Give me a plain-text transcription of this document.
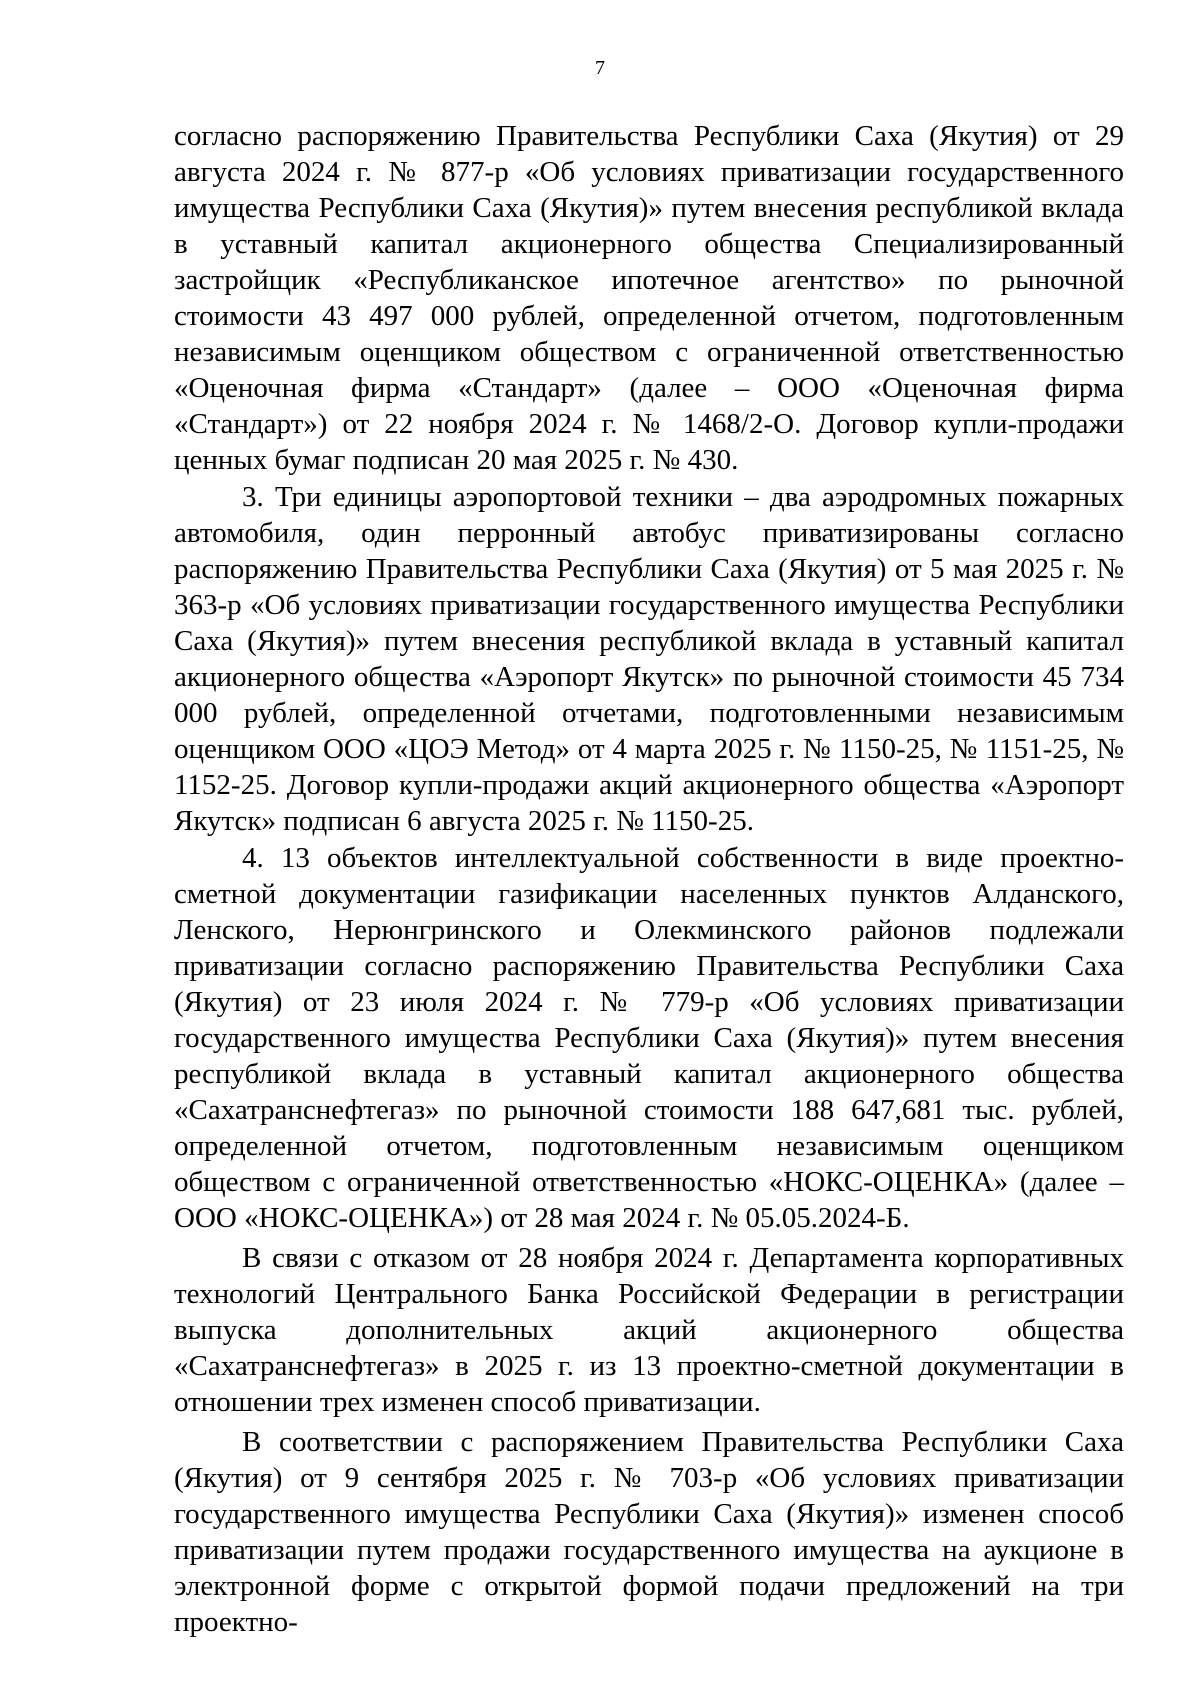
7

согласно распоряжению Правительства Республики Саха (Якутия) от 29 августа 2024 г. № 877-р «Об условиях приватизации государственного имущества Республики Саха (Якутия)» путем внесения республикой вклада в уставный капитал акционерного общества Специализированный застройщик «Республиканское ипотечное агентство» по рыночной стоимости 43 497 000 рублей, определенной отчетом, подготовленным независимым оценщиком обществом с ограниченной ответственностью «Оценочная фирма «Стандарт» (далее – ООО «Оценочная фирма «Стандарт») от 22 ноября 2024 г. № 1468/2-О. Договор купли-продажи ценных бумаг подписан 20 мая 2025 г. № 430.

3. Три единицы аэропортовой техники – два аэродромных пожарных автомобиля, один перронный автобус приватизированы согласно распоряжению Правительства Республики Саха (Якутия) от 5 мая 2025 г. № 363-р «Об условиях приватизации государственного имущества Республики Саха (Якутия)» путем внесения республикой вклада в уставный капитал акционерного общества «Аэропорт Якутск» по рыночной стоимости 45 734 000 рублей, определенной отчетами, подготовленными независимым оценщиком ООО «ЦОЭ Метод» от 4 марта 2025 г. № 1150-25, № 1151-25, № 1152-25. Договор купли-продажи акций акционерного общества «Аэропорт Якутск» подписан 6 августа 2025 г. № 1150-25.

4. 13 объектов интеллектуальной собственности в виде проектно-сметной документации газификации населенных пунктов Алданского, Ленского, Нерюнгринского и Олекминского районов подлежали приватизации согласно распоряжению Правительства Республики Саха (Якутия) от 23 июля 2024 г. № 779-р «Об условиях приватизации государственного имущества Республики Саха (Якутия)» путем внесения республикой вклада в уставный капитал акционерного общества «Сахатранснефтегаз» по рыночной стоимости 188 647,681 тыс. рублей, определенной отчетом, подготовленным независимым оценщиком обществом с ограниченной ответственностью «НОКС-ОЦЕНКА» (далее – ООО «НОКС-ОЦЕНКА») от 28 мая 2024 г. № 05.05.2024-Б.

В связи с отказом от 28 ноября 2024 г. Департамента корпоративных технологий Центрального Банка Российской Федерации в регистрации выпуска дополнительных акций акционерного общества «Сахатранснефтегаз» в 2025 г. из 13 проектно-сметной документации в отношении трех изменен способ приватизации.

В соответствии с распоряжением Правительства Республики Саха (Якутия) от 9 сентября 2025 г. № 703-р «Об условиях приватизации государственного имущества Республики Саха (Якутия)» изменен способ приватизации путем продажи государственного имущества на аукционе в электронной форме с открытой формой подачи предложений на три проектно-
